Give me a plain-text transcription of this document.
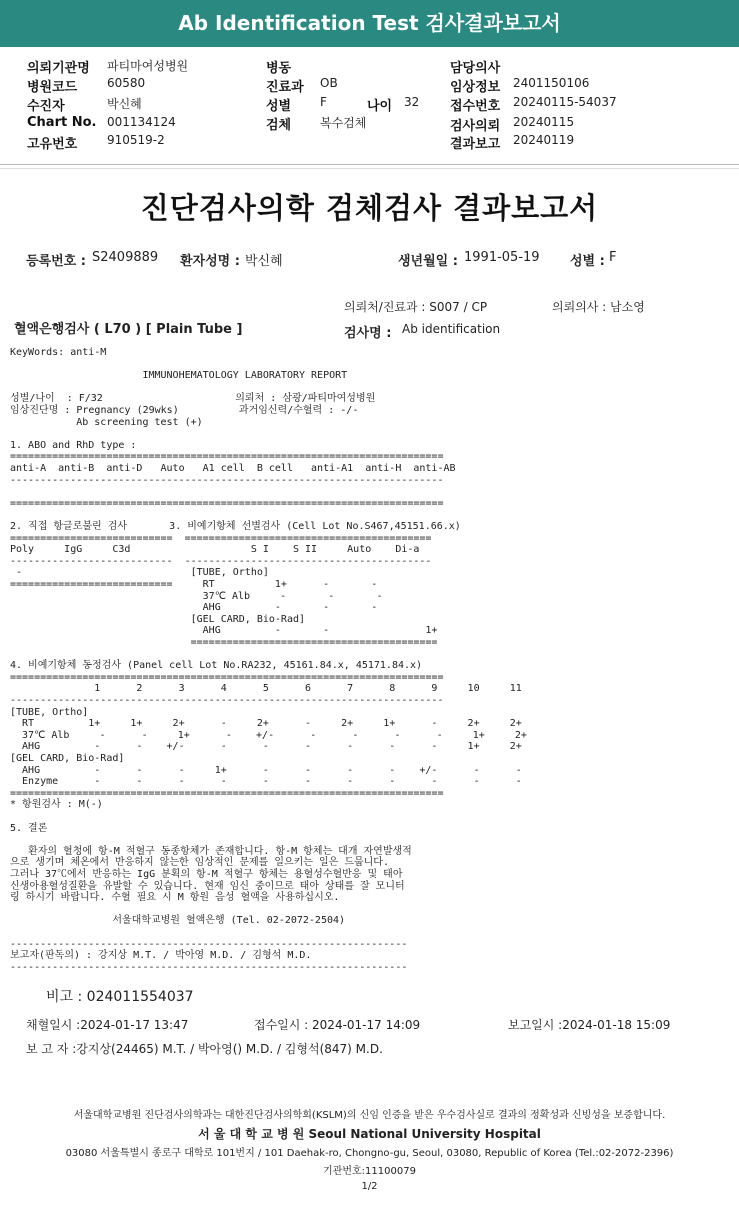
Ab Identification Test 검사결과보고서
의뢰기관명 파티마여성병원
병원코드 60580
수진자	박신혜
Chart No. 001134124
고유번호 910519-2
병동
진료과 OB
성별 F	나이 32
검체 복수검체
담당의사
임상정보 2401150106
접수번호 20240115-54037
검사의뢰 20240115
결과보고 20240119
진단검사의학 검체검사 결과보고서
등록번호 : S2409889 환자성명 : 박신혜	생년월일 : 1991-05-19 성별 : F
의뢰처/진료과 : S007 / CP	의뢰의사 : 남소영
혈액은행검사 ( L70 ) [ Plain Tube ]	검사명 : Ab identification
KeyWords: anti-M
IMMUNOHEMATOLOGY LABORATORY REPORT
성별/나이  : F/32                      의뢰처 : 삼광/파티마여성병원
임상진단명 : Pregnancy (29wks)          과거임신력/수혈력 : -/-
Ab screening test (+)
1. ABO and RhD type :
========================================================================
anti-A  anti-B  anti-D   Auto   A1 cell  B cell   anti-A1  anti-H  anti-AB
------------------------------------------------------------------------
========================================================================
2. 직접 항글로불린 검사       3. 비예기항체 선별검사 (Cell Lot No.S467,45151.66.x)
===========================  =========================================
Poly     IgG     C3d                    S I    S II     Auto    Di-a
---------------------------  -----------------------------------------
-                            [TUBE, Ortho]
===========================     RT          1+      -       -
37℃ Alb     -       -       -
AHG         -       -       -
[GEL CARD, Bio-Rad]
AHG         -       -                1+
=========================================
4. 비예기항체 동정검사 (Panel cell Lot No.RA232, 45161.84.x, 45171.84.x)
========================================================================
1      2      3      4      5      6      7      8      9     10     11
------------------------------------------------------------------------
[TUBE, Ortho]
RT         1+     1+     2+      -     2+      -     2+     1+      -     2+     2+
37℃ Alb     -      -     1+      -    +/-      -      -      -      -     1+     2+
AHG         -      -    +/-      -      -      -      -      -      -     1+     2+
[GEL CARD, Bio-Rad]
AHG         -      -      -     1+      -      -      -      -    +/-      -      -
Enzyme      -      -      -      -      -      -      -      -      -      -      -
========================================================================
* 항원검사 : M(-)
5. 결론
환자의 혈청에 항-M 적혈구 동종항체가 존재합니다. 항-M 항체는 대개 자연발생적
으로 생기며 체온에서 반응하지 않는한 임상적인 문제를 일으키는 일은 드뭅니다.
그러나 37℃에서 반응하는 IgG 분획의 항-M 적혈구 항체는 용혈성수혈반응 및 태아
신생아용혈성질환을 유발할 수 있습니다. 현재 임신 중이므로 태아 상태를 잘 모니터
링 하시기 바랍니다. 수혈 필요 시 M 항원 음성 혈액을 사용하십시오.
서울대학교병원 혈액은행 (Tel. 02-2072-2504)
------------------------------------------------------------------
보고자(판독의) : 강지상 M.T. / 박아영 M.D. / 김형석 M.D.
------------------------------------------------------------------
비고 : 024011554037
채혈일시 :2024-01-17 13:47	접수일시 : 2024-01-17 14:09	보고일시 :2024-01-18 15:09
보 고 자 :강지상(24465) M.T. / 박아영() M.D. / 김형석(847) M.D.
서울대학교병원 진단검사의학과는 대한진단검사의학회(KSLM)의 신임 인증을 받은 우수검사실로 결과의 정확성과 신빙성을 보증합니다.
서 울 대 학 교 병 원 Seoul National University Hospital
03080 서울특별시 종로구 대학로 101번지 / 101 Daehak-ro, Chongno-gu, Seoul, 03080, Republic of Korea (Tel.:02-2072-2396)
기관번호:11100079
1/2
